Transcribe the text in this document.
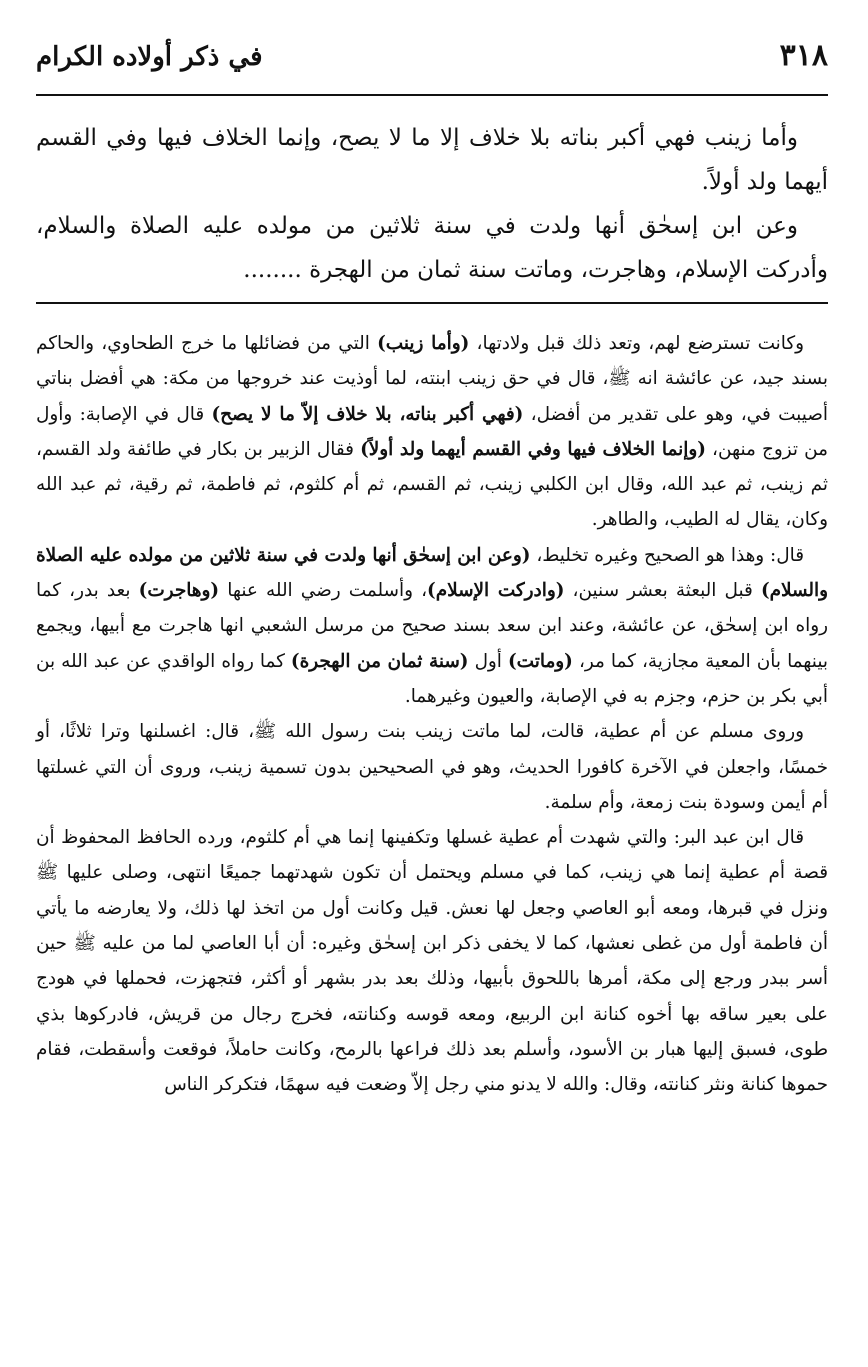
٣١٨
في ذكر أولاده الكرام

وأما زينب فهي أكبر بناته بلا خلاف إلا ما لا يصح، وإنما الخلاف فيها وفي القسم أيهما ولد أولاً.

وعن ابن إسحٰق أنها ولدت في سنة ثلاثين من مولده عليه الصلاة والسلام، وأدركت الإسلام، وهاجرت، وماتت سنة ثمان من الهجرة ........

وكانت تسترضع لهم، وتعد ذلك قبل ولادتها، (وأما زينب) التي من فضائلها ما خرج الطحاوي، والحاكم بسند جيد، عن عائشة انه ﷺ، قال في حق زينب ابنته، لما أوذيت عند خروجها من مكة: هي أفضل بناتي أصيبت في، وهو على تقدير من أفضل، (فهي أكبر بناته، بلا خلاف إلاّ ما لا يصح) قال في الإصابة: وأول من تزوج منهن، (وإنما الخلاف فيها وفي القسم أيهما ولد أولاً) فقال الزبير بن بكار في طائفة ولد القسم، ثم زينب، ثم عبد الله، وقال ابن الكلبي زينب، ثم القسم، ثم أم كلثوم، ثم فاطمة، ثم رقية، ثم عبد الله وكان، يقال له الطيب، والطاهر.

قال: وهذا هو الصحيح وغيره تخليط، (وعن ابن إسحٰق أنها ولدت في سنة ثلاثين من مولده عليه الصلاة والسلام) قبل البعثة بعشر سنين، (وادركت الإسلام)، وأسلمت رضي الله عنها (وهاجرت) بعد بدر، كما رواه ابن إسحٰق، عن عائشة، وعند ابن سعد بسند صحيح من مرسل الشعبي انها هاجرت مع أبيها، ويجمع بينهما بأن المعية مجازية، كما مر، (وماتت) أول (سنة ثمان من الهجرة) كما رواه الواقدي عن عبد الله بن أبي بكر بن حزم، وجزم به في الإصابة، والعيون وغيرهما.

وروى مسلم عن أم عطية، قالت، لما ماتت زينب بنت رسول الله ﷺ، قال: اغسلنها وترا ثلاثًا، أو خمسًا، واجعلن في الآخرة كافورا الحديث، وهو في الصحيحين بدون تسمية زينب، وروى أن التي غسلتها أم أيمن وسودة بنت زمعة، وأم سلمة.

قال ابن عبد البر: والتي شهدت أم عطية غسلها وتكفينها إنما هي أم كلثوم، ورده الحافظ المحفوظ أن قصة أم عطية إنما هي زينب، كما في مسلم ويحتمل أن تكون شهدتهما جميعًا انتهى، وصلى عليها ﷺ ونزل في قبرها، ومعه أبو العاصي وجعل لها نعش. قيل وكانت أول من اتخذ لها ذلك، ولا يعارضه ما يأتي أن فاطمة أول من غطى نعشها، كما لا يخفى ذكر ابن إسحٰق وغيره: أن أبا العاصي لما من عليه ﷺ حين أسر ببدر ورجع إلى مكة، أمرها باللحوق بأبيها، وذلك بعد بدر بشهر أو أكثر، فتجهزت، فحملها في هودج على بعير ساقه بها أخوه كنانة ابن الربيع، ومعه قوسه وكنانته، فخرج رجال من قريش، فادركوها بذي طوى، فسبق إليها هبار بن الأسود، وأسلم بعد ذلك فراعها بالرمح، وكانت حاملاً، فوقعت وأسقطت، فقام حموها كنانة ونثر كنانته، وقال: والله لا يدنو مني رجل إلاّ وضعت فيه سهمًا، فتكركر الناس
